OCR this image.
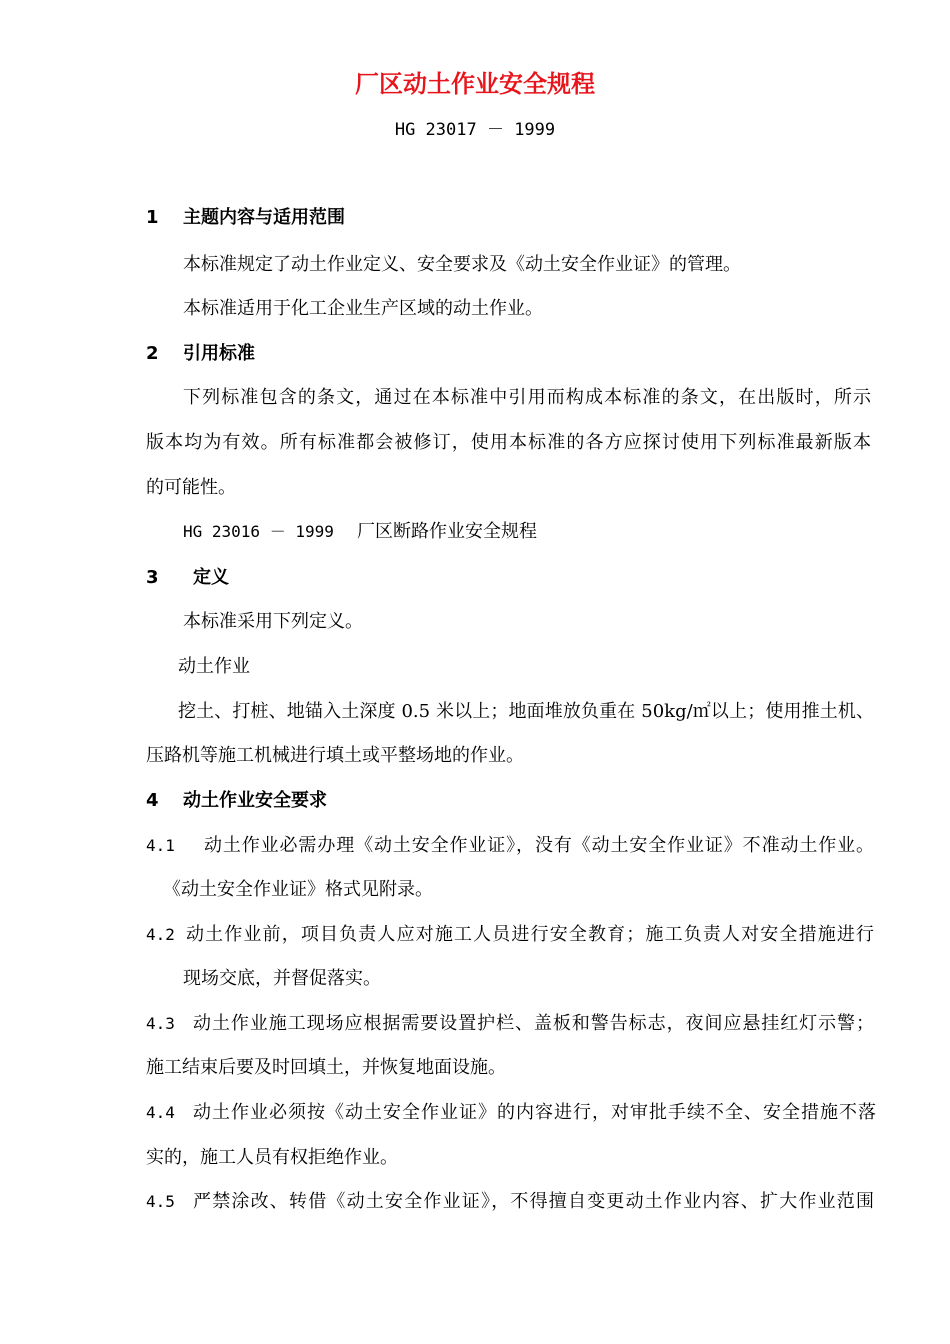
厂区动土作业安全规程
HG 23017 － 1999
1 主题内容与适用范围
本标准规定了动土作业定义、安全要求及《动土安全作业证》的管理。
本标准适用于化工企业生产区域的动土作业。
2 引用标准
下列标准包含的条文，通过在本标准中引用而构成本标准的条文，在出版时，所示
版本均为有效。所有标准都会被修订，使用本标准的各方应探讨使用下列标准最新版本
的可能性。
HG 23016 － 1999 厂区断路作业安全规程
3 定义
本标准采用下列定义。
动土作业
挖土、打桩、地锚入土深度 0.5 米以上；地面堆放负重在 50kg/㎡以上；使用推土机、
压路机等施工机械进行填土或平整场地的作业。
4 动土作业安全要求
4.1 动土作业必需办理《动土安全作业证》，没有《动土安全作业证》不准动土作业。
《动土安全作业证》格式见附录。
4.2 动土作业前，项目负责人应对施工人员进行安全教育；施工负责人对安全措施进行
现场交底，并督促落实。
4.3 动土作业施工现场应根据需要设置护栏、盖板和警告标志，夜间应悬挂红灯示警；
施工结束后要及时回填土，并恢复地面设施。
4.4 动土作业必须按《动土安全作业证》的内容进行，对审批手续不全、安全措施不落
实的，施工人员有权拒绝作业。
4.5 严禁涂改、转借《动土安全作业证》，不得擅自变更动土作业内容、扩大作业范围
